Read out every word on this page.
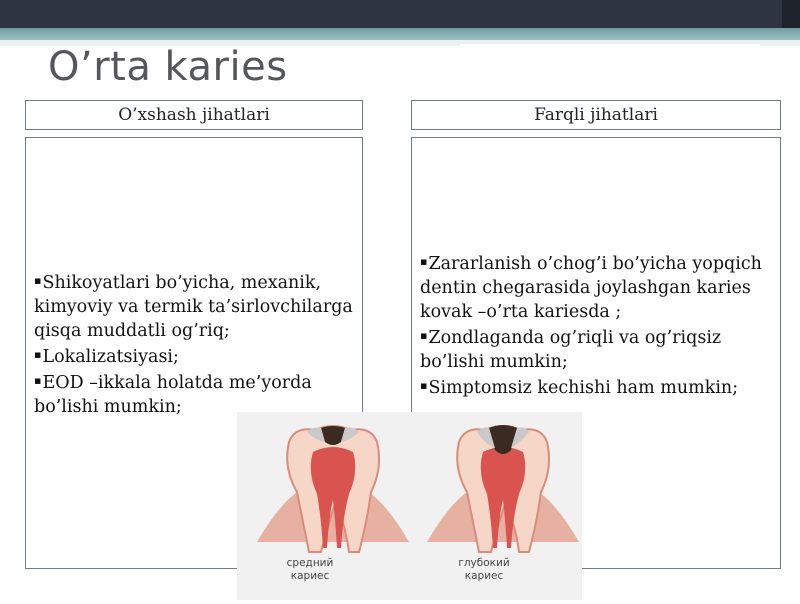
O’rta karies
O’xshash jihatlari	Farqli jihatlari

▪Shikoyatlari bo’yicha, mexanik, kimyoviy va termik ta’sirlovchilarga qisqa muddatli og’riq;

▪Lokalizatsiyasi;

▪EOD –ikkala holatda me’yorda bo’lishi mumkin;

▪Zararlanish o’chog’i bo’yicha yopqich dentin chegarasida joylashgan karies kovak –o’rta kariesda ;

▪Zondlaganda og’riqli va og’riqsiz bo’lishi mumkin;

▪Simptomsiz kechishi ham mumkin;

средний
кариес
глубокий
кариес
